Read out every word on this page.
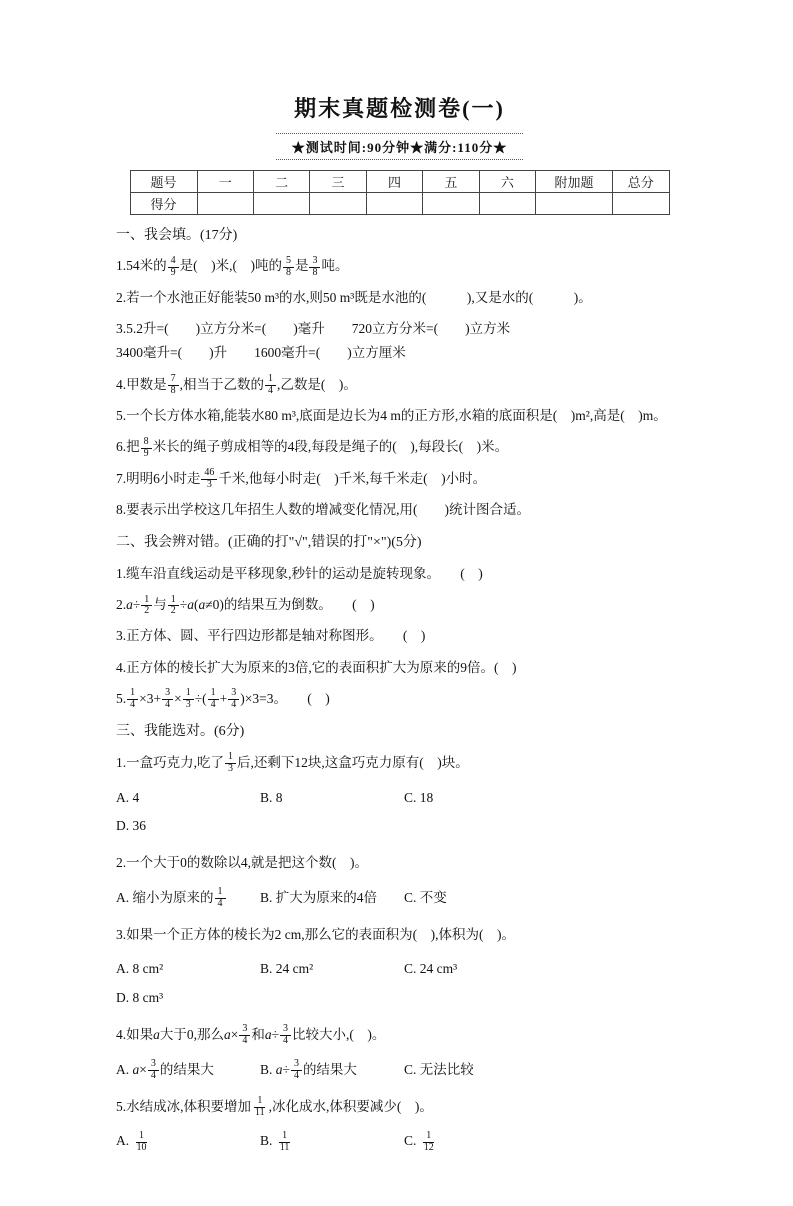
期末真题检测卷(一)
★测试时间:90分钟★满分:110分★
题号	一	二	三	四	五	六	附加题	总分
得分								
一、我会填。(17分)
1.54米的 $\frac{4}{9}$ 是(　)米,(　)吨的 $\frac{5}{8}$ 是 $\frac{3}{8}$ 吨。
2.若一个水池正好能装50 m³的水,则50 m³既是水池的(　　　),又是水的(　　　)。
3.5.2升=(　　)立方分米=(　　)毫升　　720立方分米=(　　)立方米
3400毫升=(　　)升　　1600毫升=(　　)立方厘米
4.甲数是 $\frac{7}{8}$ ,相当于乙数的 $\frac{1}{4}$ ,乙数是(　)。
5.一个长方体水箱,能装水80 m³,底面是边长为4 m的正方形,水箱的底面积是(　)m²,高是(　)m。
6.把 $\frac{8}{9}$ 米长的绳子剪成相等的4段,每段是绳子的(　),每段长(　)米。
7.明明6小时走 $\frac{46}{3}$ 千米,他每小时走(　)千米,每千米走(　)小时。
8.要表示出学校这几年招生人数的增减变化情况,用(　　)统计图合适。
二、我会辨对错。(正确的打"√",错误的打"×")(5分)
1.缆车沿直线运动是平移现象,秒针的运动是旋转现象。　　(　)
$2.a\div \frac{1}{2}$ 与 $\frac{1}{2} \div a(a\ne 0)$的结果互为倒数。　　(　)
3.正方体、圆、平行四边形都是轴对称图形。　　(　)
4.正方体的棱长扩大为原来的3倍,它的表面积扩大为原来的9倍。(　)
5. $\frac{1}{4} \times 3+ \frac{3}{4} \times \frac{1}{3}$ ÷( $\frac{1}{4} + \frac{3}{4} )\times 3=3$。　　(　)
三、我能选对。(6分)
1.一盒巧克力,吃了 $\frac{1}{3}$ 后,还剩下12块,这盒巧克力原有(　)块。
A. 4	B. 8	C. 18D. 36
2.一个大于0的数除以4,就是把这个数(　)。
A. 缩小为原来的 $\frac{1}{4}$	B. 扩大为原来的4倍 C. 不变
3.如果一个正方体的棱长为2 cm,那么它的表面积为(　),体积为(　)。
A. 8 cm²	B. 24 cm²	C. 24 cm³D. 8 cm³
4.如果a大于0,那么$a\times \frac{3}{4}$ 和$a\div \frac{3}{4}$ 比较大小,(　)。
A. $a\times \frac{3}{4}$ 的结果大	B. $a\div \frac{3}{4}$ 的结果大	C. 无法比较
5.水结成冰,体积要增加 $\frac{1}{11}$ ,冰化成水,体积要减少(　)。
A. $\frac{1}{10}$	B. $\frac{1}{11}$	C. $\frac{1}{12}$
